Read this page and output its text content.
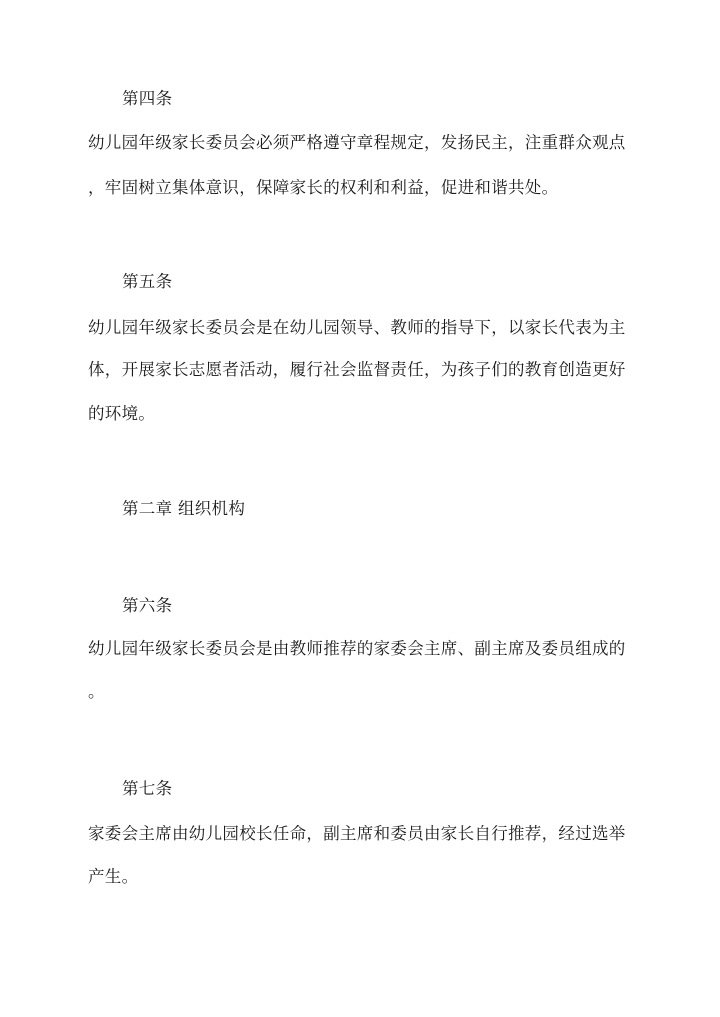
第四条
幼儿园年级家长委员会必须严格遵守章程规定，发扬民主，注重群众观点
，牢固树立集体意识，保障家长的权利和利益，促进和谐共处。
第五条
幼儿园年级家长委员会是在幼儿园领导、教师的指导下，以家长代表为主
体，开展家长志愿者活动，履行社会监督责任，为孩子们的教育创造更好
的环境。
第二章 组织机构
第六条
幼儿园年级家长委员会是由教师推荐的家委会主席、副主席及委员组成的
。
第七条
家委会主席由幼儿园校长任命，副主席和委员由家长自行推荐，经过选举
产生。
